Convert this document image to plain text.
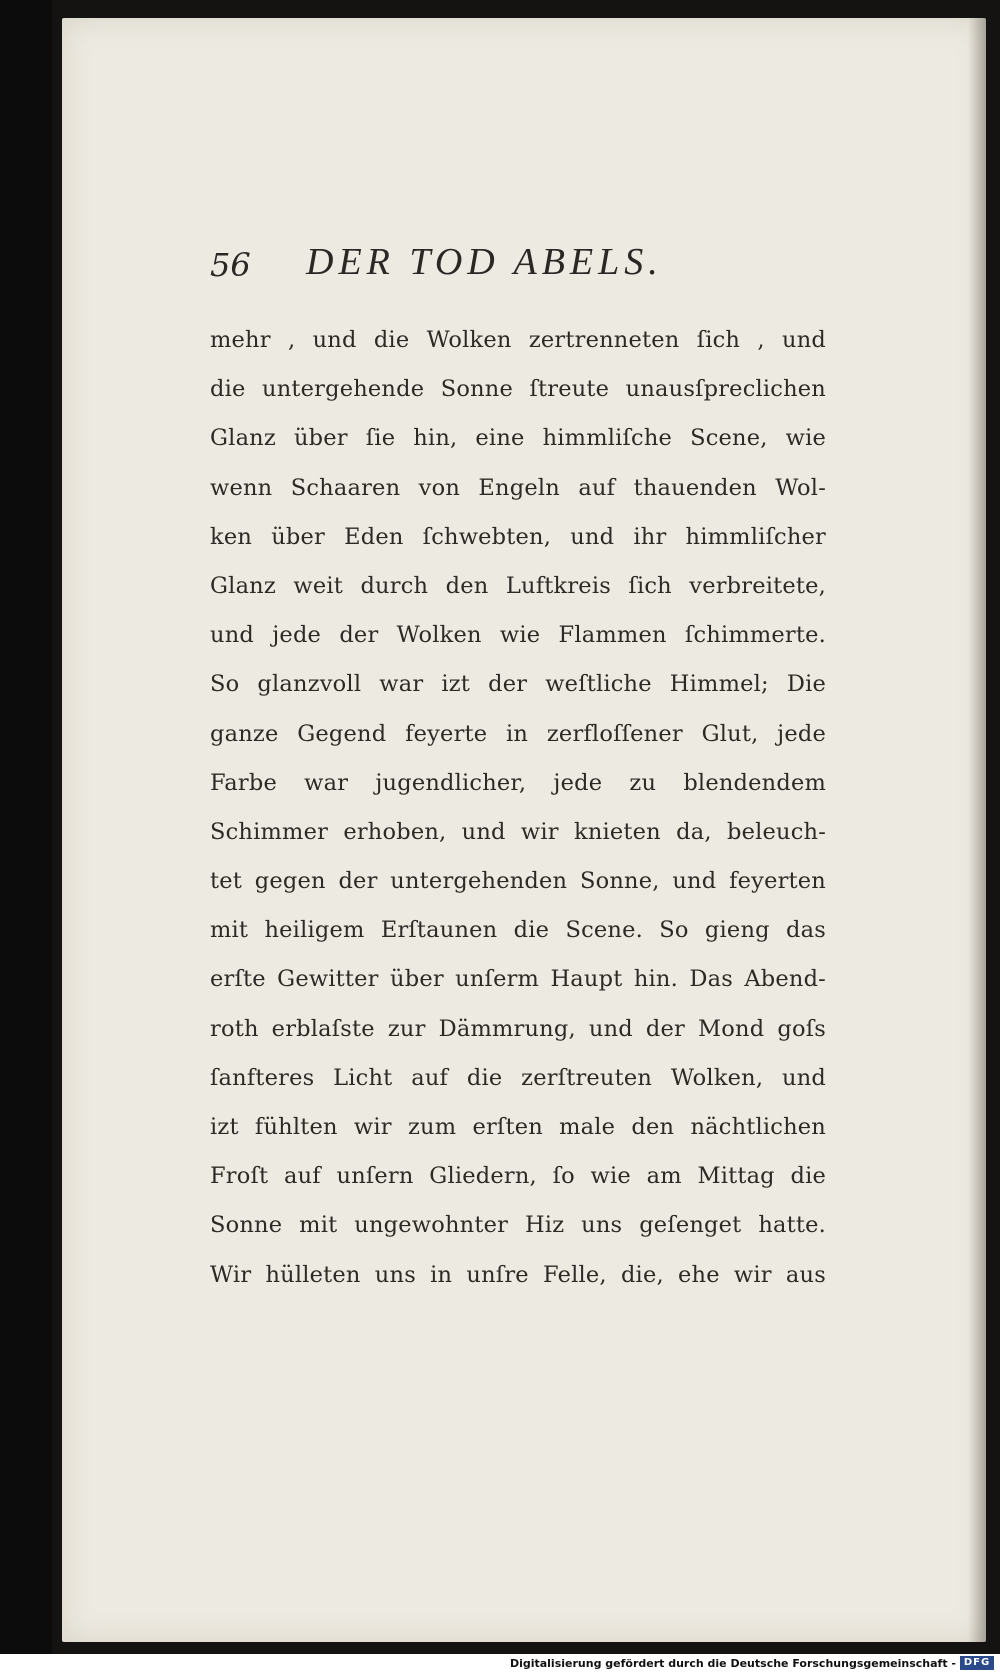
56 DER TOD ABELS.
mehr , und die Wolken zertrenneten ſich , und
die untergehende Sonne ſtreute unausſpreclichen
Glanz über ſie hin, eine himmliſche Scene, wie
wenn Schaaren von Engeln auf thauenden Wol-
ken über Eden ſchwebten, und ihr himmliſcher
Glanz weit durch den Luftkreis ſich verbreitete,
und jede der Wolken wie Flammen ſchimmerte.
So glanzvoll war izt der weſtliche Himmel; Die
ganze Gegend feyerte in zerfloſſener Glut, jede
Farbe war jugendlicher, jede zu blendendem
Schimmer erhoben, und wir knieten da, beleuch-
tet gegen der untergehenden Sonne, und feyerten
mit heiligem Erſtaunen die Scene. So gieng das
erſte Gewitter über unſerm Haupt hin. Das Abend-
roth erblaſste zur Dämmrung, und der Mond goſs
ſanfteres Licht auf die zerſtreuten Wolken, und
izt fühlten wir zum erſten male den nächtlichen
Froſt auf unſern Gliedern, ſo wie am Mittag die
Sonne mit ungewohnter Hiz uns geſenget hatte.
Wir hülleten uns in unſre Felle, die, ehe wir aus
Digitalisierung gefördert durch die Deutsche Forschungsgemeinschaft - DFG
